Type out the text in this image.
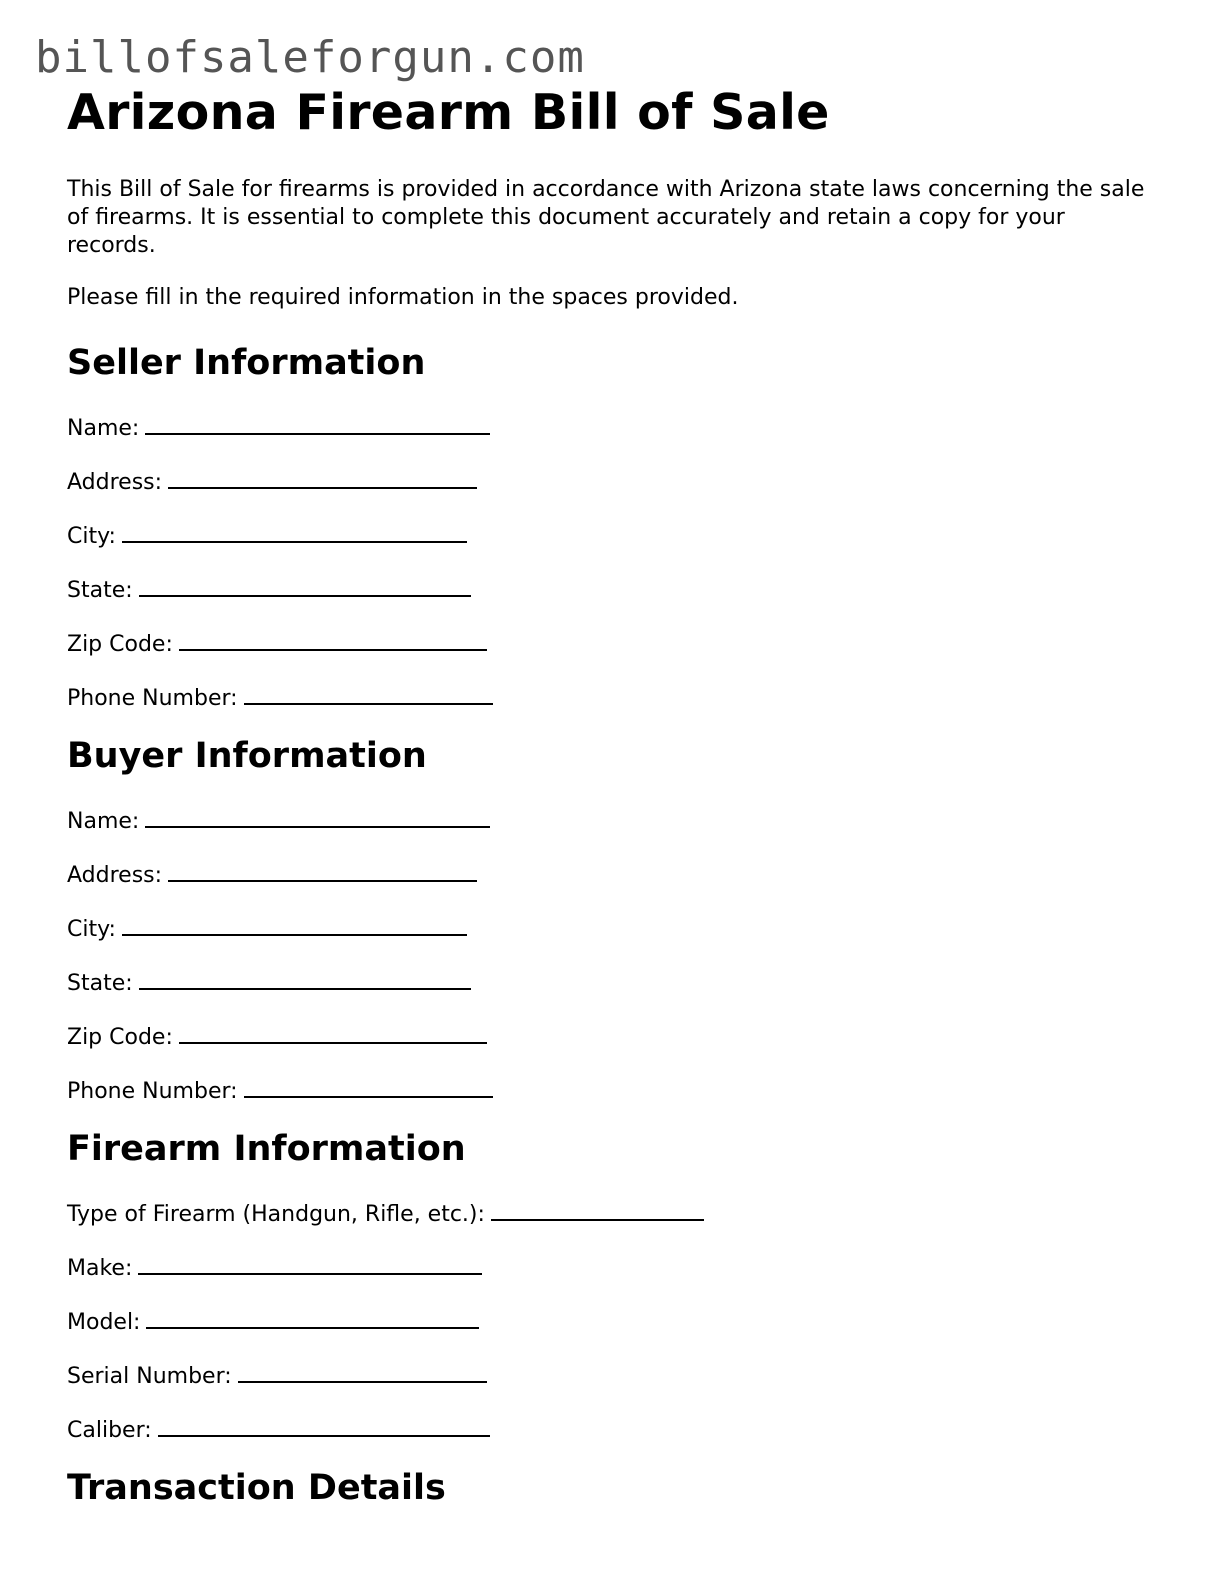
billofsaleforgun.com
Arizona Firearm Bill of Sale

This Bill of Sale for firearms is provided in accordance with Arizona state laws concerning the sale of firearms. It is essential to complete this document accurately and retain a copy for your records.

Please fill in the required information in the spaces provided.

Seller Information
Name:
Address:
City:
State:
Zip Code:
Phone Number:
Buyer Information
Name:
Address:
City:
State:
Zip Code:
Phone Number:
Firearm Information
Type of Firearm (Handgun, Rifle, etc.):
Make:
Model:
Serial Number:
Caliber:
Transaction Details
